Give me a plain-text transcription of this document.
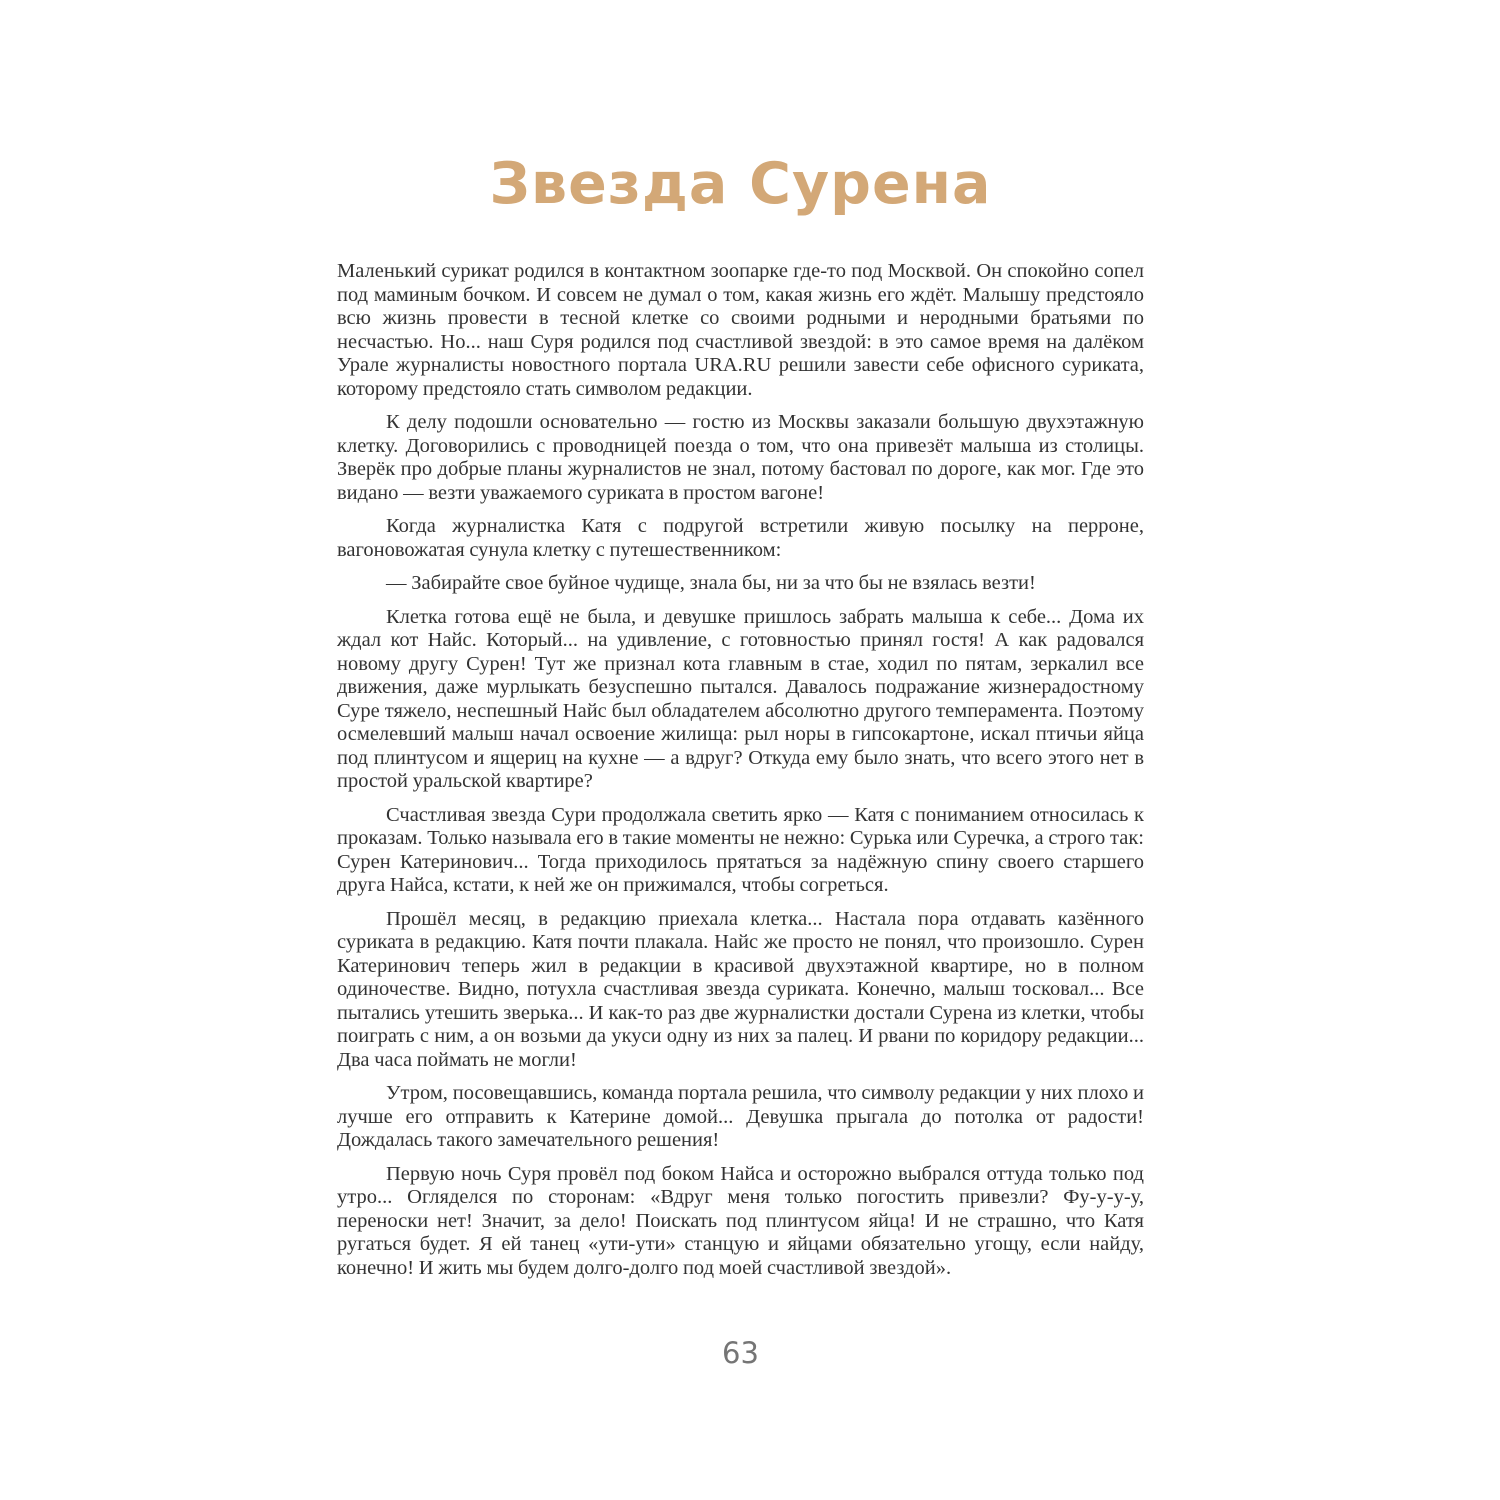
Звезда Сурена

Маленький сурикат родился в контактном зоопарке где-то под Москвой. Он спокойно сопел под маминым бочком. И совсем не думал о том, какая жизнь его ждёт. Малышу предстояло всю жизнь провести в тесной клетке со своими родными и неродными братьями по несчастью. Но... наш Суря родился под счастливой звездой: в это самое время на далёком Урале журналисты новостного портала URA.RU решили завести себе офисного суриката, которому предстояло стать символом редакции.

К делу подошли основательно — гостю из Москвы заказали большую двухэтажную клетку. Договорились с проводницей поезда о том, что она привезёт малыша из столицы. Зверёк про добрые планы журналистов не знал, потому бастовал по дороге, как мог. Где это видано — везти уважаемого суриката в простом вагоне!

Когда журналистка Катя с подругой встретили живую посылку на перроне, вагоновожатая сунула клетку с путешественником:

— Забирайте свое буйное чудище, знала бы, ни за что бы не взялась везти!

Клетка готова ещё не была, и девушке пришлось забрать малыша к себе... Дома их ждал кот Найс. Который... на удивление, с готовностью принял гостя! А как радовался новому другу Сурен! Тут же признал кота главным в стае, ходил по пятам, зеркалил все движения, даже мурлыкать безуспешно пытался. Давалось подражание жизнерадостному Суре тяжело, неспешный Найс был обладателем абсолютно другого темперамента. Поэтому осмелевший малыш начал освоение жилища: рыл норы в гипсокартоне, искал птичьи яйца под плинтусом и ящериц на кухне — а вдруг? Откуда ему было знать, что всего этого нет в простой уральской квартире?

Счастливая звезда Сури продолжала светить ярко — Катя с пониманием относилась к проказам. Только называла его в такие моменты не нежно: Сурька или Суречка, а строго так: Сурен Катеринович... Тогда приходилось прятаться за надёжную спину своего старшего друга Найса, кстати, к ней же он прижимался, чтобы согреться.

Прошёл месяц, в редакцию приехала клетка... Настала пора отдавать казённого суриката в редакцию. Катя почти плакала. Найс же просто не понял, что произошло. Сурен Катеринович теперь жил в редакции в красивой двухэтажной квартире, но в полном одиночестве. Видно, потухла счастливая звезда суриката. Конечно, малыш тосковал... Все пытались утешить зверька... И как-то раз две журналистки достали Сурена из клетки, чтобы поиграть с ним, а он возьми да укуси одну из них за палец. И рвани по коридору редакции... Два часа поймать не могли!

Утром, посовещавшись, команда портала решила, что символу редакции у них плохо и лучше его отправить к Катерине домой... Девушка прыгала до потолка от радости! Дождалась такого замечательного решения!

Первую ночь Суря провёл под боком Найса и осторожно выбрался оттуда только под утро... Огляделся по сторонам: «Вдруг меня только погостить привезли? Фу-у-у-у, переноски нет! Значит, за дело! Поискать под плинтусом яйца! И не страшно, что Катя ругаться будет. Я ей танец «ути-ути» станцую и яйцами обязательно угощу, если найду, конечно! И жить мы будем долго-долго под моей счастливой звездой».

63
